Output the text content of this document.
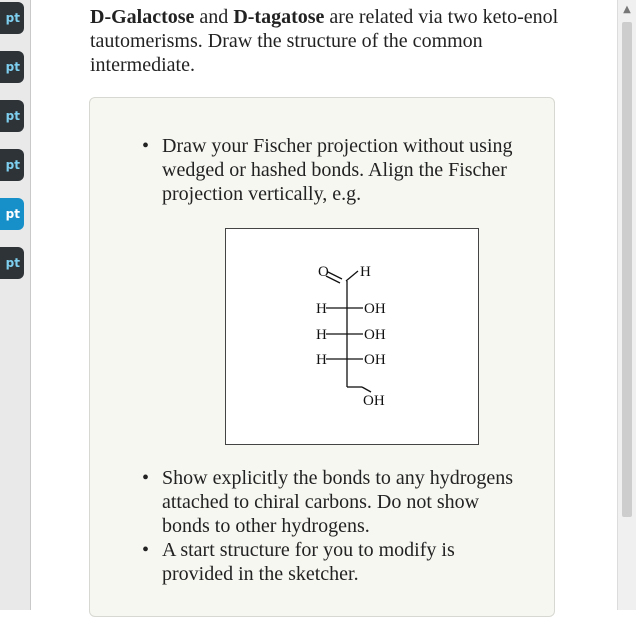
pt
pt
pt
pt
pt
pt
D-Galactose and D-tagatose are related via two keto-enol tautomerisms. Draw the structure of the common intermediate.
• Draw your Fischer projection without using wedged or hashed bonds. Align the Fischer projection vertically, e.g.
O H
H OH
H OH
H OH
OH
• Show explicitly the bonds to any hydrogens attached to chiral carbons. Do not show bonds to other hydrogens.
• A start structure for you to modify is provided in the sketcher.
▲
